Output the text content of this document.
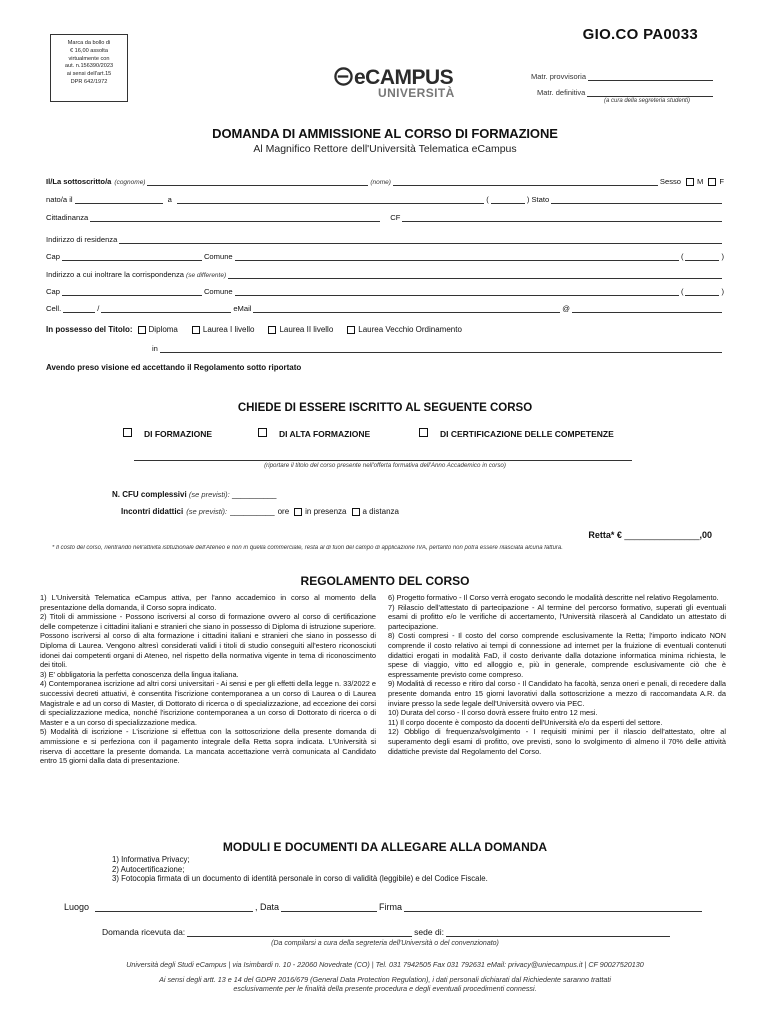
GIO.CO PA0033
Marca da bollo di
€ 16,00 assolta
virtualmente con
aut. n.156390/2023
ai sensi dell'art.15
DPR 642/1972	eCAMPUS
UNIVERSITÀ
Matr. provvisoria
Matr. definitiva
(a cura della segreteria studenti)
DOMANDA DI AMMISSIONE AL CORSO DI FORMAZIONE
Al Magnifico Rettore dell'Università Telematica eCampus
Il/La sottoscritto/a (cognome)	(nome)	Sesso M F
nato/a il	a	(	) Stato
Cittadinanza	CF
Indirizzo di residenza
Cap	Comune	(	)
Indirizzo a cui inoltrare la corrispondenza (se differente)
Cap	Comune	(	)
Cell.	/	eMail	@
In possesso del Titolo: Diploma	Laurea I livello	Laurea II livello	Laurea Vecchio Ordinamento
in
Avendo preso visione ed accettando il Regolamento sotto riportato
CHIEDE DI ESSERE ISCRITTO AL SEGUENTE CORSO
DI FORMAZIONE	DI ALTA FORMAZIONE	DI CERTIFICAZIONE DELLE COMPETENZE
(riportare il titolo del corso presente nell'offerta formativa dell'Anno Accademico in corso)
N. CFU complessivi (se previsti): __________
Incontri didattici (se previsti): __________ ore in presenza a distanza
Retta* € _______________,00
* Il costo del corso, rientrando nell'attività istituzionale dell'Ateneo e non in quella commerciale, resta al di fuori del campo di applicazione IVA, pertanto non potrà essere rilasciata alcuna fattura.
REGOLAMENTO DEL CORSO

1) L'Università Telematica eCampus attiva, per l'anno accademico in corso al momento della presentazione della domanda, il Corso sopra indicato.

2) Titoli di ammissione - Possono iscriversi al corso di formazione ovvero al corso di certificazione delle competenze i cittadini italiani e stranieri che siano in possesso di Diploma di istruzione superiore. Possono iscriversi al corso di alta formazione i cittadini italiani e stranieri che siano in possesso di Diploma di Laurea. Vengono altresì considerati validi i titoli di studio conseguiti all'estero riconosciuti idonei dai competenti organi di Ateneo, nel rispetto della normativa vigente in tema di riconoscimento dei titoli.

3) E' obbligatoria la perfetta conoscenza della lingua italiana.

4) Contemporanea iscrizione ad altri corsi universitari - Ai sensi e per gli effetti della legge n. 33/2022 e successivi decreti attuativi, è consentita l'iscrizione contemporanea a un corso di Laurea o di Laurea Magistrale e ad un corso di Master, di Dottorato di ricerca o di specializzazione, ad eccezione dei corsi di specializzazione medica, nonché l'iscrizione contemporanea a un corso di Dottorato di ricerca o di Master e a un corso di specializzazione medica.

5) Modalità di iscrizione - L'iscrizione si effettua con la sottoscrizione della presente domanda di ammissione e si perfeziona con il pagamento integrale della Retta sopra indicata. L'Università si riserva di accettare la presente domanda. La mancata accettazione verrà comunicata al Candidato entro 15 giorni dalla data di presentazione.

6) Progetto formativo - Il Corso verrà erogato secondo le modalità descritte nel relativo Regolamento.

7) Rilascio dell'attestato di partecipazione - Al termine del percorso formativo, superati gli eventuali esami di profitto e/o le verifiche di accertamento, l'Università rilascerà al Candidato un attestato di partecipazione.

8) Costi compresi - Il costo del corso comprende esclusivamente la Retta; l'importo indicato NON comprende il costo relativo ai tempi di connessione ad internet per la fruizione di eventuali contenuti didattici erogati in modalità FaD, il costo derivante dalla dotazione informatica minima richiesta, le spese di viaggio, vitto ed alloggio e, più in generale, comprende esclusivamente ciò che è espressamente previsto come compreso.

9) Modalità di recesso e ritiro dal corso - Il Candidato ha facoltà, senza oneri e penali, di recedere dalla presente domanda entro 15 giorni lavorativi dalla sottoscrizione a mezzo di raccomandata A.R. da inviare presso la sede legale dell'Università ovvero via PEC.

10) Durata del corso - Il corso dovrà essere fruito entro 12 mesi.

11) Il corpo docente è composto da docenti dell'Università e/o da esperti del settore.

12) Obbligo di frequenza/svolgimento - I requisiti minimi per il rilascio dell'attestato, oltre al superamento degli esami di profitto, ove previsti, sono lo svolgimento di almeno il 70% delle attività didattiche previste dal Regolamento del Corso.

MODULI E DOCUMENTI DA ALLEGARE ALLA DOMANDA
1) Informativa Privacy;
2) Autocertificazione;
3) Fotocopia firmata di un documento di identità personale in corso di validità (leggibile) e del Codice Fiscale.
Luogo	, Data	Firma
Domanda ricevuta da:	sede di:
(Da compilarsi a cura della segreteria dell'Università o del convenzionato)
Università degli Studi eCampus | via Isimbardi n. 10 - 22060 Novedrate (CO) | Tel. 031 7942505 Fax 031 792631 eMail: privacy@uniecampus.it | CF 90027520130
Ai sensi degli artt. 13 e 14 del GDPR 2016/679 (General Data Protection Regulation), i dati personali dichiarati dal Richiedente saranno trattati
esclusivamente per le finalità della presente procedura e degli eventuali procedimenti connessi.
